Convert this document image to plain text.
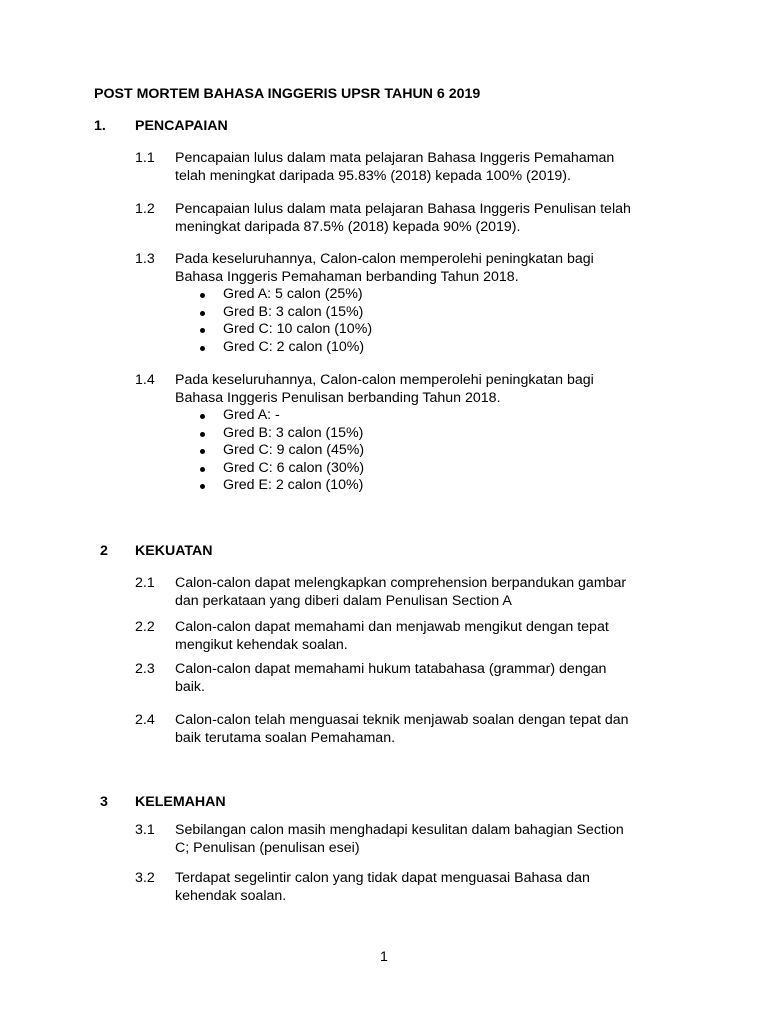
POST MORTEM BAHASA INGGERIS UPSR TAHUN 6 2019
1. PENCAPAIAN
1.1 Pencapaian lulus dalam mata pelajaran Bahasa Inggeris Pemahaman
telah meningkat daripada 95.83% (2018) kepada 100% (2019).
1.2 Pencapaian lulus dalam mata pelajaran Bahasa Inggeris Penulisan telah
meningkat daripada 87.5% (2018) kepada 90% (2019).
1.3 Pada keseluruhannya, Calon-calon memperolehi peningkatan bagi
Bahasa Inggeris Pemahaman berbanding Tahun 2018.
Gred A: 5 calon (25%)
Gred B: 3 calon (15%)
Gred C: 10 calon (10%)
Gred C: 2 calon (10%)
1.4 Pada keseluruhannya, Calon-calon memperolehi peningkatan bagi
Bahasa Inggeris Penulisan berbanding Tahun 2018.
Gred A: -
Gred B: 3 calon (15%)
Gred C: 9 calon (45%)
Gred C: 6 calon (30%)
Gred E: 2 calon (10%)
2 KEKUATAN
2.1 Calon-calon dapat melengkapkan comprehension berpandukan gambar
dan perkataan yang diberi dalam Penulisan Section A
2.2 Calon-calon dapat memahami dan menjawab mengikut dengan tepat
mengikut kehendak soalan.
2.3 Calon-calon dapat memahami hukum tatabahasa (grammar) dengan
baik.
2.4 Calon-calon telah menguasai teknik menjawab soalan dengan tepat dan
baik terutama soalan Pemahaman.
3 KELEMAHAN
3.1 Sebilangan calon masih menghadapi kesulitan dalam bahagian Section
C; Penulisan (penulisan esei)
3.2 Terdapat segelintir calon yang tidak dapat menguasai Bahasa dan
kehendak soalan.
1
